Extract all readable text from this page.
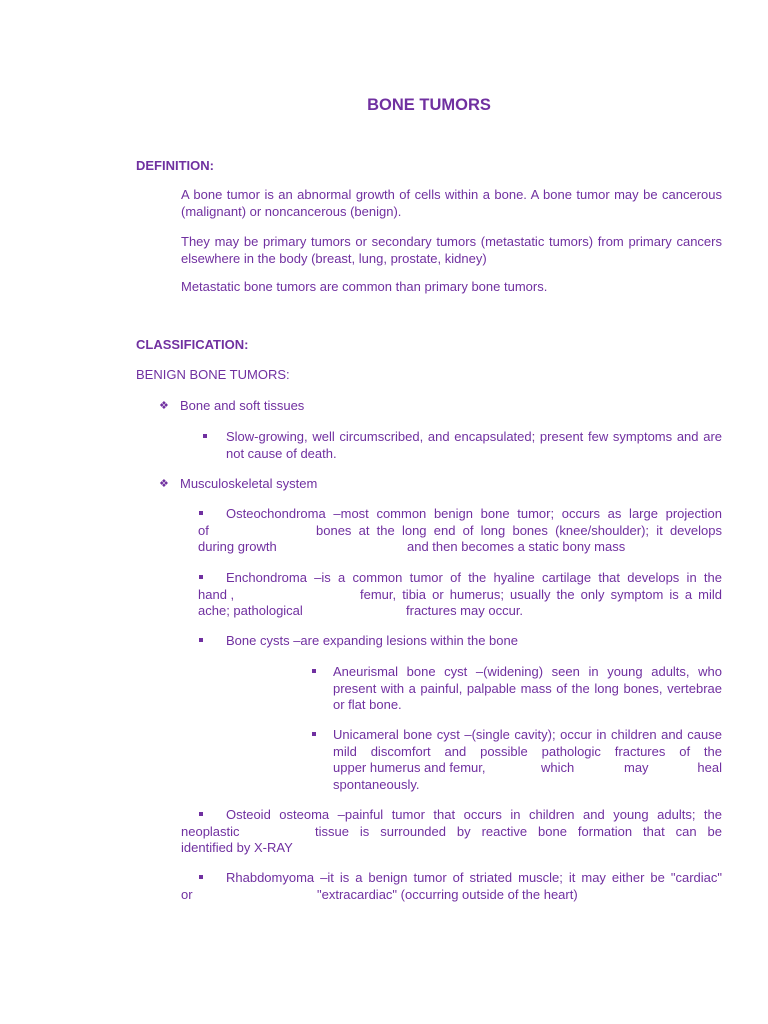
BONE TUMORS
DEFINITION:
A bone tumor is an abnormal growth of cells within a bone. A bone tumor may be cancerous (malignant) or noncancerous (benign).
They may be primary tumors or secondary tumors (metastatic tumors) from primary cancers elsewhere in the body (breast, lung, prostate, kidney)
Metastatic bone tumors are common than primary bone tumors.
CLASSIFICATION:
BENIGN BONE TUMORS:
❖ Bone and soft tissues
Slow-growing, well circumscribed, and encapsulated; present few symptoms and are not cause of death.
❖ Musculoskeletal system
Osteochondroma –most common benign bone tumor; occurs as large projection
of	bones at the long end of long bones (knee/shoulder); it develops
during growth	and then becomes a static bony mass
Enchondroma –is a common tumor of the hyaline cartilage that develops in the
hand ,	femur, tibia or humerus; usually the only symptom is a mild
ache; pathological	fractures may occur.
Bone cysts –are expanding lesions within the bone
Aneurismal bone cyst –(widening) seen in young adults, who present with a painful, palpable mass of the long bones, vertebrae or flat bone.
Unicameral bone cyst –(single cavity); occur in children and cause mild discomfort and possible pathologic fractures of the
upper humerus and femur,	which	may	heal
spontaneously.
Osteoid osteoma –painful tumor that occurs in children and young adults; the
neoplastic	tissue is surrounded by reactive bone formation that can be
identified by X-RAY
Rhabdomyoma –it is a benign tumor of striated muscle; it may either be "cardiac"
or	"extracardiac" (occurring outside of the heart)
